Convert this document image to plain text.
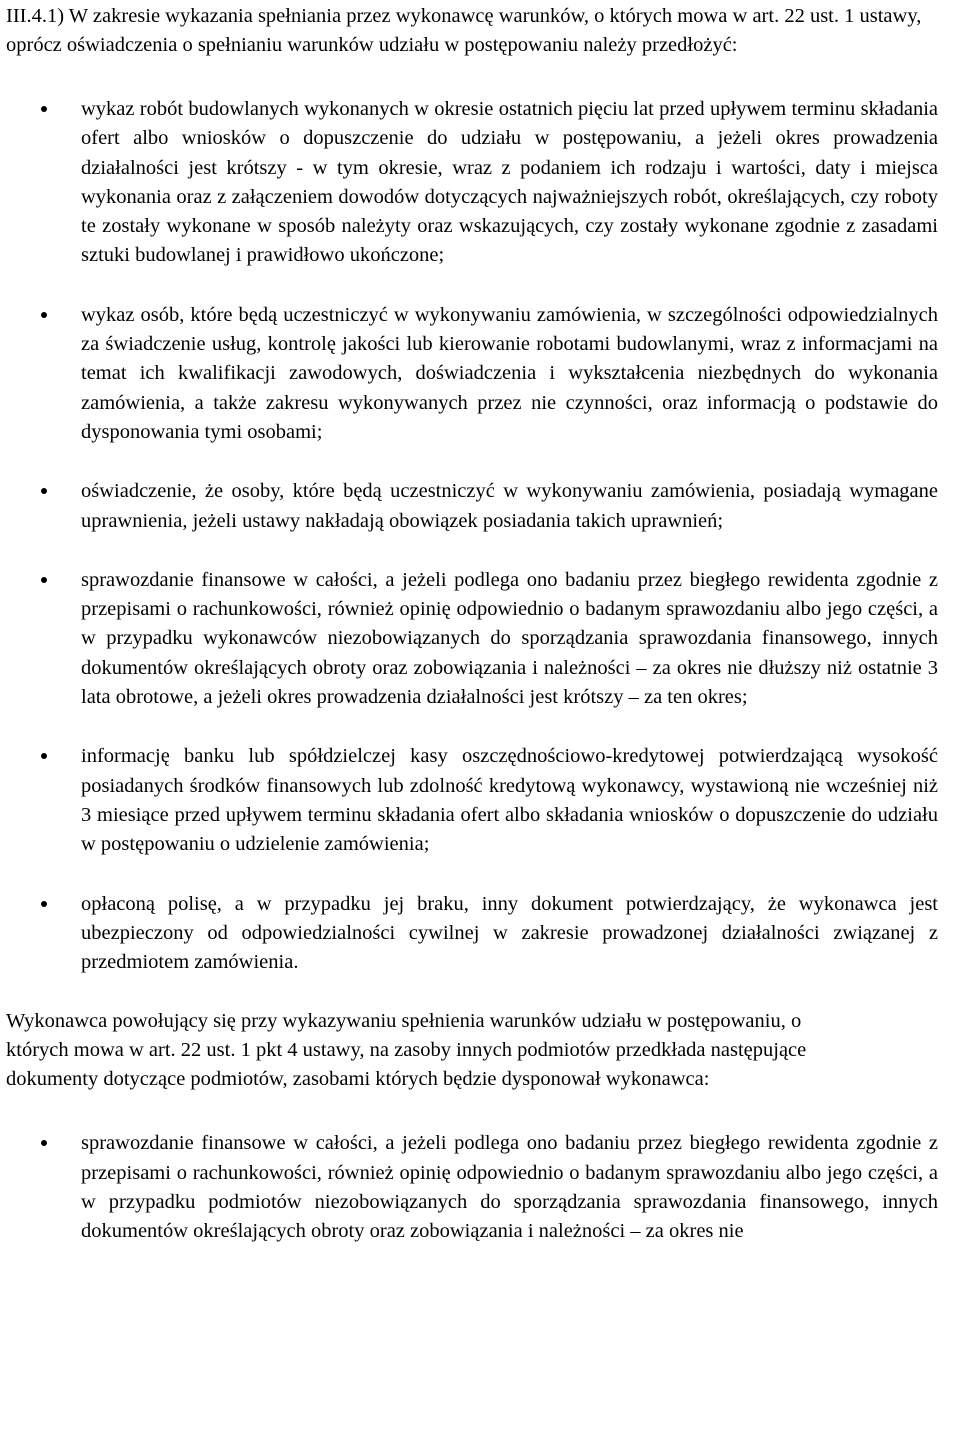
III.4.1) W zakresie wykazania spełniania przez wykonawcę warunków, o których mowa w art. 22 ust. 1 ustawy, oprócz oświadczenia o spełnianiu warunków udziału w postępowaniu należy przedłożyć:

wykaz robót budowlanych wykonanych w okresie ostatnich pięciu lat przed upływem terminu składania ofert albo wniosków o dopuszczenie do udziału w postępowaniu, a jeżeli okres prowadzenia działalności jest krótszy - w tym okresie, wraz z podaniem ich rodzaju i wartości, daty i miejsca wykonania oraz z załączeniem dowodów dotyczących najważniejszych robót, określających, czy roboty te zostały wykonane w sposób należyty oraz wskazujących, czy zostały wykonane zgodnie z zasadami sztuki budowlanej i prawidłowo ukończone;
wykaz osób, które będą uczestniczyć w wykonywaniu zamówienia, w szczególności odpowiedzialnych za świadczenie usług, kontrolę jakości lub kierowanie robotami budowlanymi, wraz z informacjami na temat ich kwalifikacji zawodowych, doświadczenia i wykształcenia niezbędnych do wykonania zamówienia, a także zakresu wykonywanych przez nie czynności, oraz informacją o podstawie do dysponowania tymi osobami;
oświadczenie, że osoby, które będą uczestniczyć w wykonywaniu zamówienia, posiadają wymagane uprawnienia, jeżeli ustawy nakładają obowiązek posiadania takich uprawnień;
sprawozdanie finansowe w całości, a jeżeli podlega ono badaniu przez biegłego rewidenta zgodnie z przepisami o rachunkowości, również opinię odpowiednio o badanym sprawozdaniu albo jego części, a w przypadku wykonawców niezobowiązanych do sporządzania sprawozdania finansowego, innych dokumentów określających obroty oraz zobowiązania i należności – za okres nie dłuższy niż ostatnie 3 lata obrotowe, a jeżeli okres prowadzenia działalności jest krótszy – za ten okres;
informację banku lub spółdzielczej kasy oszczędnościowo-kredytowej potwierdzającą wysokość posiadanych środków finansowych lub zdolność kredytową wykonawcy, wystawioną nie wcześniej niż 3 miesiące przed upływem terminu składania ofert albo składania wniosków o dopuszczenie do udziału w postępowaniu o udzielenie zamówienia;
opłaconą polisę, a w przypadku jej braku, inny dokument potwierdzający, że wykonawca jest ubezpieczony od odpowiedzialności cywilnej w zakresie prowadzonej działalności związanej z przedmiotem zamówienia.

Wykonawca powołujący się przy wykazywaniu spełnienia warunków udziału w postępowaniu, o których mowa w art. 22 ust. 1 pkt 4 ustawy, na zasoby innych podmiotów przedkłada następujące dokumenty dotyczące podmiotów, zasobami których będzie dysponował wykonawca:

sprawozdanie finansowe w całości, a jeżeli podlega ono badaniu przez biegłego rewidenta zgodnie z przepisami o rachunkowości, również opinię odpowiednio o badanym sprawozdaniu albo jego części, a w przypadku podmiotów niezobowiązanych do sporządzania sprawozdania finansowego, innych dokumentów określających obroty oraz zobowiązania i należności – za okres nie
